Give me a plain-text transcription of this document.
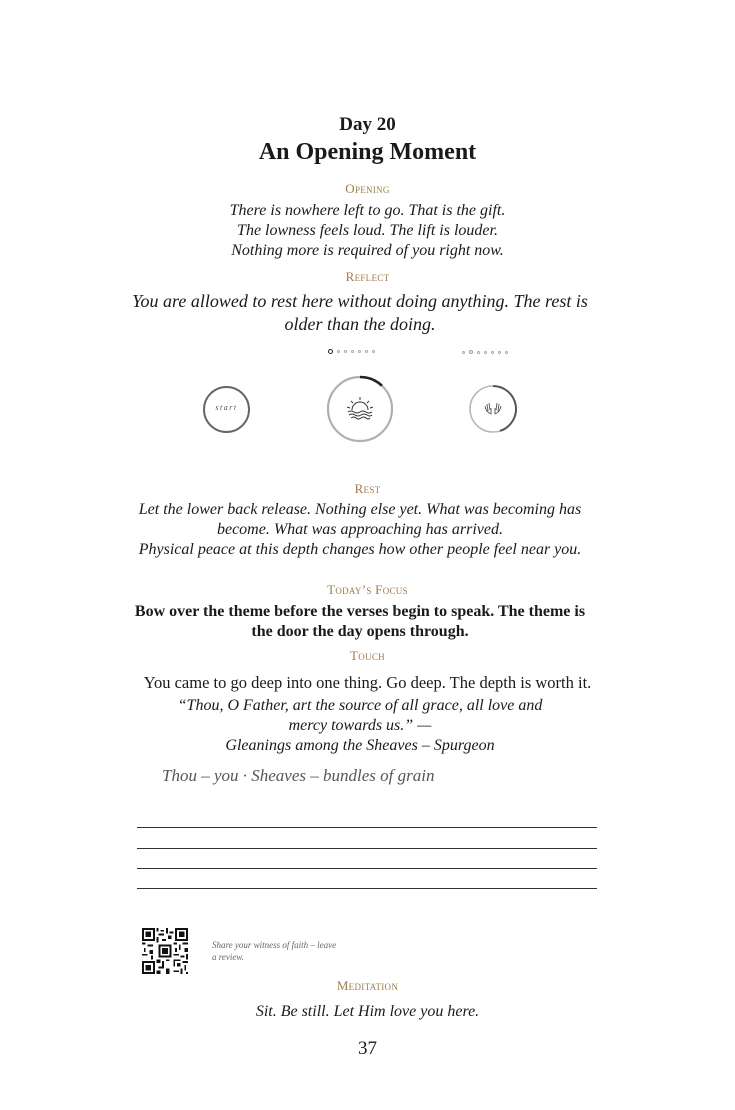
Day 20
An Opening Moment
Opening
There is nowhere left to go. That is the gift.
The lowness feels loud. The lift is louder.
Nothing more is required of you right now.
Reflect
You are allowed to rest here without doing anything. The rest is older than the doing.
start
Rest
Let the lower back release. Nothing else yet. What was becoming has become. What was approaching has arrived.
Physical peace at this depth changes how other people feel near you.
Today’s Focus
Bow over the theme before the verses begin to speak. The theme is the door the day opens through.
Touch
You came to go deep into one thing. Go deep. The depth is worth it.
“Thou, O Father, art the source of all grace, all love and mercy towards us.” —
Gleanings among the Sheaves – Spurgeon
Thou – you · Sheaves – bundles of grain
Share your witness of faith – leave a review.
Meditation
Sit. Be still. Let Him love you here.
37
